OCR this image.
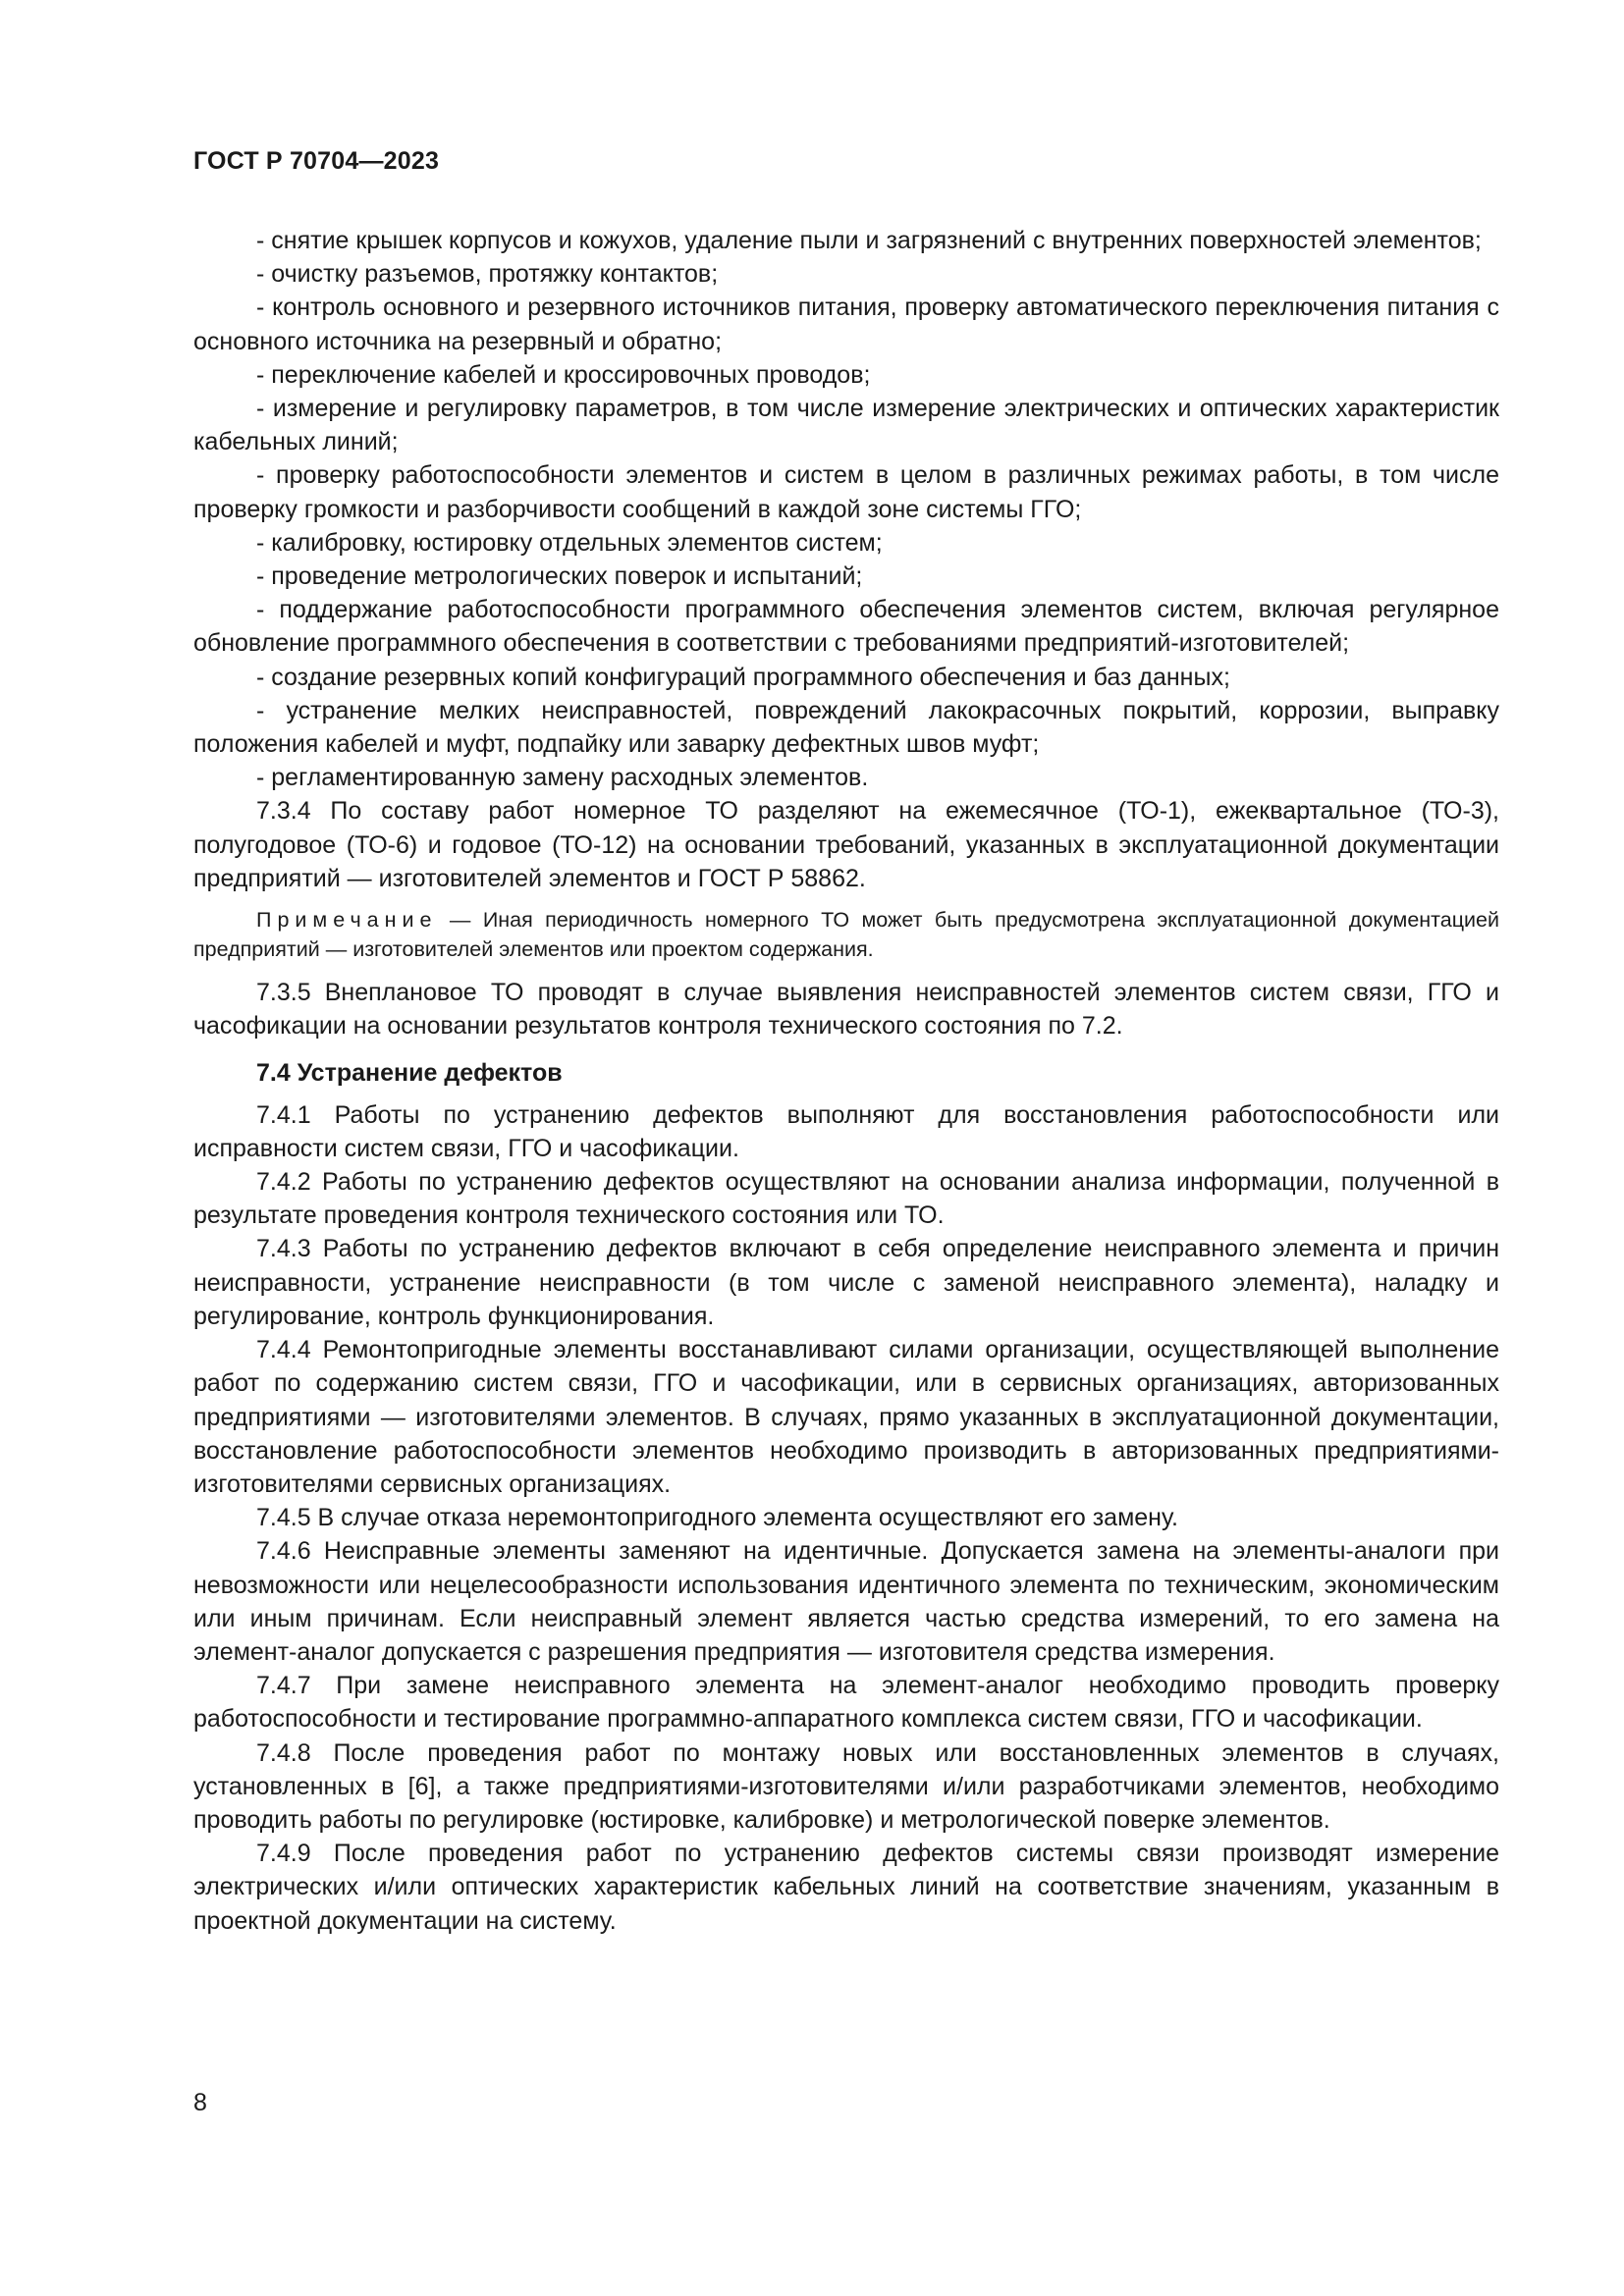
ГОСТ Р 70704—2023

- снятие крышек корпусов и кожухов, удаление пыли и загрязнений с внутренних поверхностей элементов;

- очистку разъемов, протяжку контактов;

- контроль основного и резервного источников питания, проверку автоматического переключения питания с основного источника на резервный и обратно;

- переключение кабелей и кроссировочных проводов;

- измерение и регулировку параметров, в том числе измерение электрических и оптических характеристик кабельных линий;

- проверку работоспособности элементов и систем в целом в различных режимах работы, в том числе проверку громкости и разборчивости сообщений в каждой зоне системы ГГО;

- калибровку, юстировку отдельных элементов систем;

- проведение метрологических поверок и испытаний;

- поддержание работоспособности программного обеспечения элементов систем, включая регулярное обновление программного обеспечения в соответствии с требованиями предприятий-изготовителей;

- создание резервных копий конфигураций программного обеспечения и баз данных;

- устранение мелких неисправностей, повреждений лакокрасочных покрытий, коррозии, выправку положения кабелей и муфт, подпайку или заварку дефектных швов муфт;

- регламентированную замену расходных элементов.

7.3.4 По составу работ номерное ТО разделяют на ежемесячное (ТО-1), ежеквартальное (ТО-3), полугодовое (ТО-6) и годовое (ТО-12) на основании требований, указанных в эксплуатационной документации предприятий — изготовителей элементов и ГОСТ Р 58862.

Примечание — Иная периодичность номерного ТО может быть предусмотрена эксплуатационной документацией предприятий — изготовителей элементов или проектом содержания.

7.3.5 Внеплановое ТО проводят в случае выявления неисправностей элементов систем связи, ГГО и часофикации на основании результатов контроля технического состояния по 7.2.

7.4 Устранение дефектов

7.4.1 Работы по устранению дефектов выполняют для восстановления работоспособности или исправности систем связи, ГГО и часофикации.

7.4.2 Работы по устранению дефектов осуществляют на основании анализа информации, полученной в результате проведения контроля технического состояния или ТО.

7.4.3 Работы по устранению дефектов включают в себя определение неисправного элемента и причин неисправности, устранение неисправности (в том числе с заменой неисправного элемента), наладку и регулирование, контроль функционирования.

7.4.4 Ремонтопригодные элементы восстанавливают силами организации, осуществляющей выполнение работ по содержанию систем связи, ГГО и часофикации, или в сервисных организациях, авторизованных предприятиями — изготовителями элементов. В случаях, прямо указанных в эксплуатационной документации, восстановление работоспособности элементов необходимо производить в авторизованных предприятиями-изготовителями сервисных организациях.

7.4.5 В случае отказа неремонтопригодного элемента осуществляют его замену.

7.4.6 Неисправные элементы заменяют на идентичные. Допускается замена на элементы-аналоги при невозможности или нецелесообразности использования идентичного элемента по техническим, экономическим или иным причинам. Если неисправный элемент является частью средства измерений, то его замена на элемент-аналог допускается с разрешения предприятия — изготовителя средства измерения.

7.4.7 При замене неисправного элемента на элемент-аналог необходимо проводить проверку работоспособности и тестирование программно-аппаратного комплекса систем связи, ГГО и часофикации.

7.4.8 После проведения работ по монтажу новых или восстановленных элементов в случаях, установленных в [6], а также предприятиями-изготовителями и/или разработчиками элементов, необходимо проводить работы по регулировке (юстировке, калибровке) и метрологической поверке элементов.

7.4.9 После проведения работ по устранению дефектов системы связи производят измерение электрических и/или оптических характеристик кабельных линий на соответствие значениям, указанным в проектной документации на систему.

8
